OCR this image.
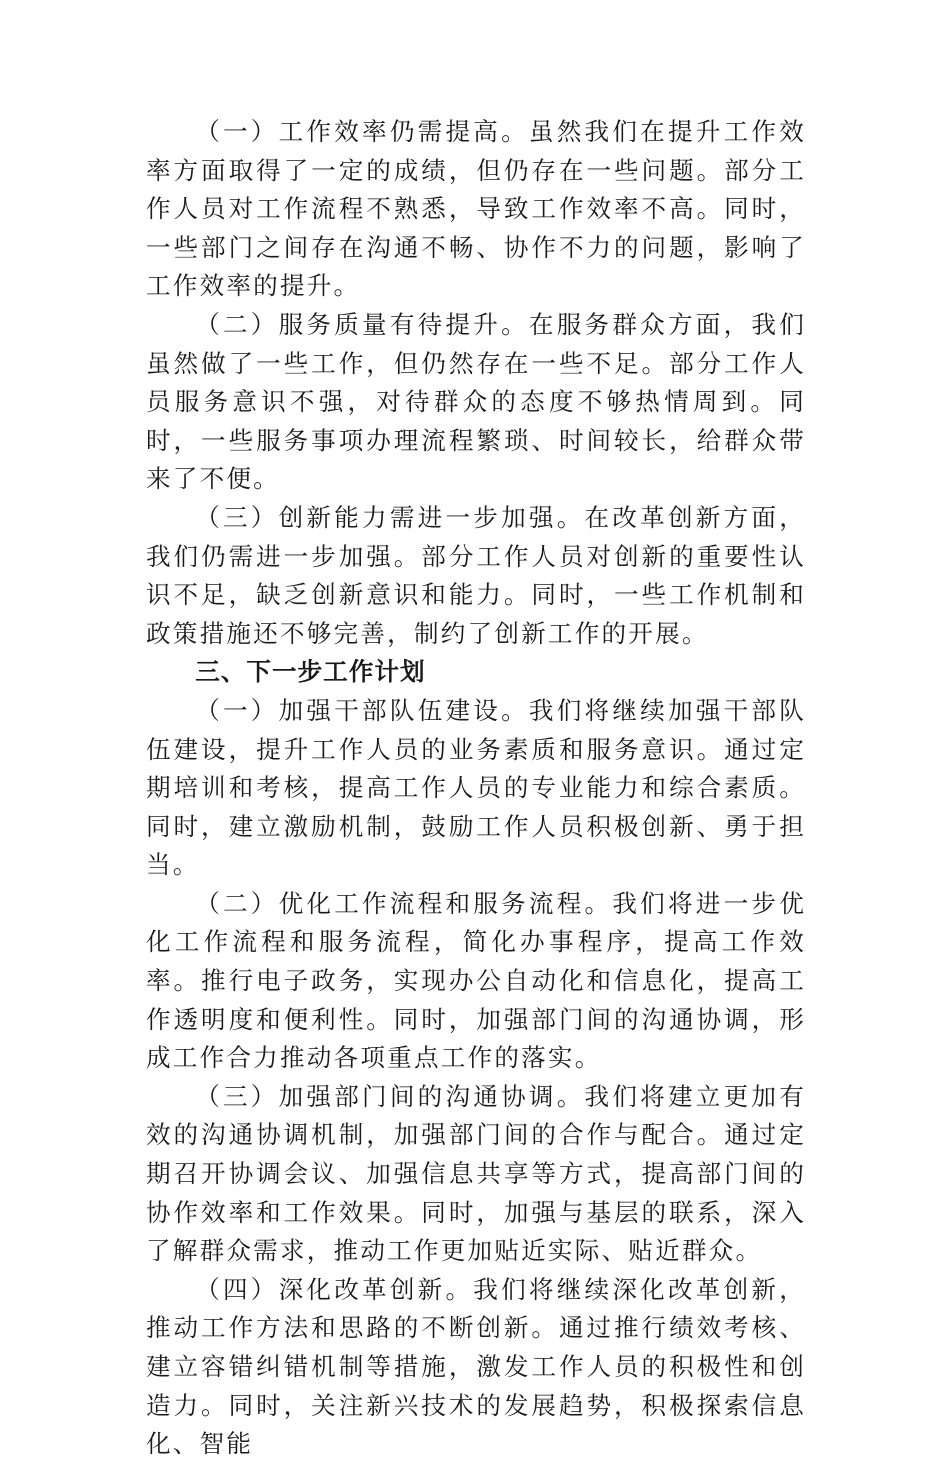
（一）工作效率仍需提高。虽然我们在提升工作效率方面取得了一定的成绩，但仍存在一些问题。部分工作人员对工作流程不熟悉，导致工作效率不高。同时，一些部门之间存在沟通不畅、协作不力的问题，影响了工作效率的提升。

（二）服务质量有待提升。在服务群众方面，我们虽然做了一些工作，但仍然存在一些不足。部分工作人员服务意识不强，对待群众的态度不够热情周到。同时，一些服务事项办理流程繁琐、时间较长，给群众带来了不便。

（三）创新能力需进一步加强。在改革创新方面，我们仍需进一步加强。部分工作人员对创新的重要性认识不足，缺乏创新意识和能力。同时，一些工作机制和政策措施还不够完善，制约了创新工作的开展。

三、下一步工作计划

（一）加强干部队伍建设。我们将继续加强干部队伍建设，提升工作人员的业务素质和服务意识。通过定期培训和考核，提高工作人员的专业能力和综合素质。同时，建立激励机制，鼓励工作人员积极创新、勇于担当。

（二）优化工作流程和服务流程。我们将进一步优化工作流程和服务流程，简化办事程序，提高工作效率。推行电子政务，实现办公自动化和信息化，提高工作透明度和便利性。同时，加强部门间的沟通协调，形成工作合力推动各项重点工作的落实。

（三）加强部门间的沟通协调。我们将建立更加有效的沟通协调机制，加强部门间的合作与配合。通过定期召开协调会议、加强信息共享等方式，提高部门间的协作效率和工作效果。同时，加强与基层的联系，深入了解群众需求，推动工作更加贴近实际、贴近群众。

（四）深化改革创新。我们将继续深化改革创新，推动工作方法和思路的不断创新。通过推行绩效考核、建立容错纠错机制等措施，激发工作人员的积极性和创造力。同时，关注新兴技术的发展趋势，积极探索信息化、智能
